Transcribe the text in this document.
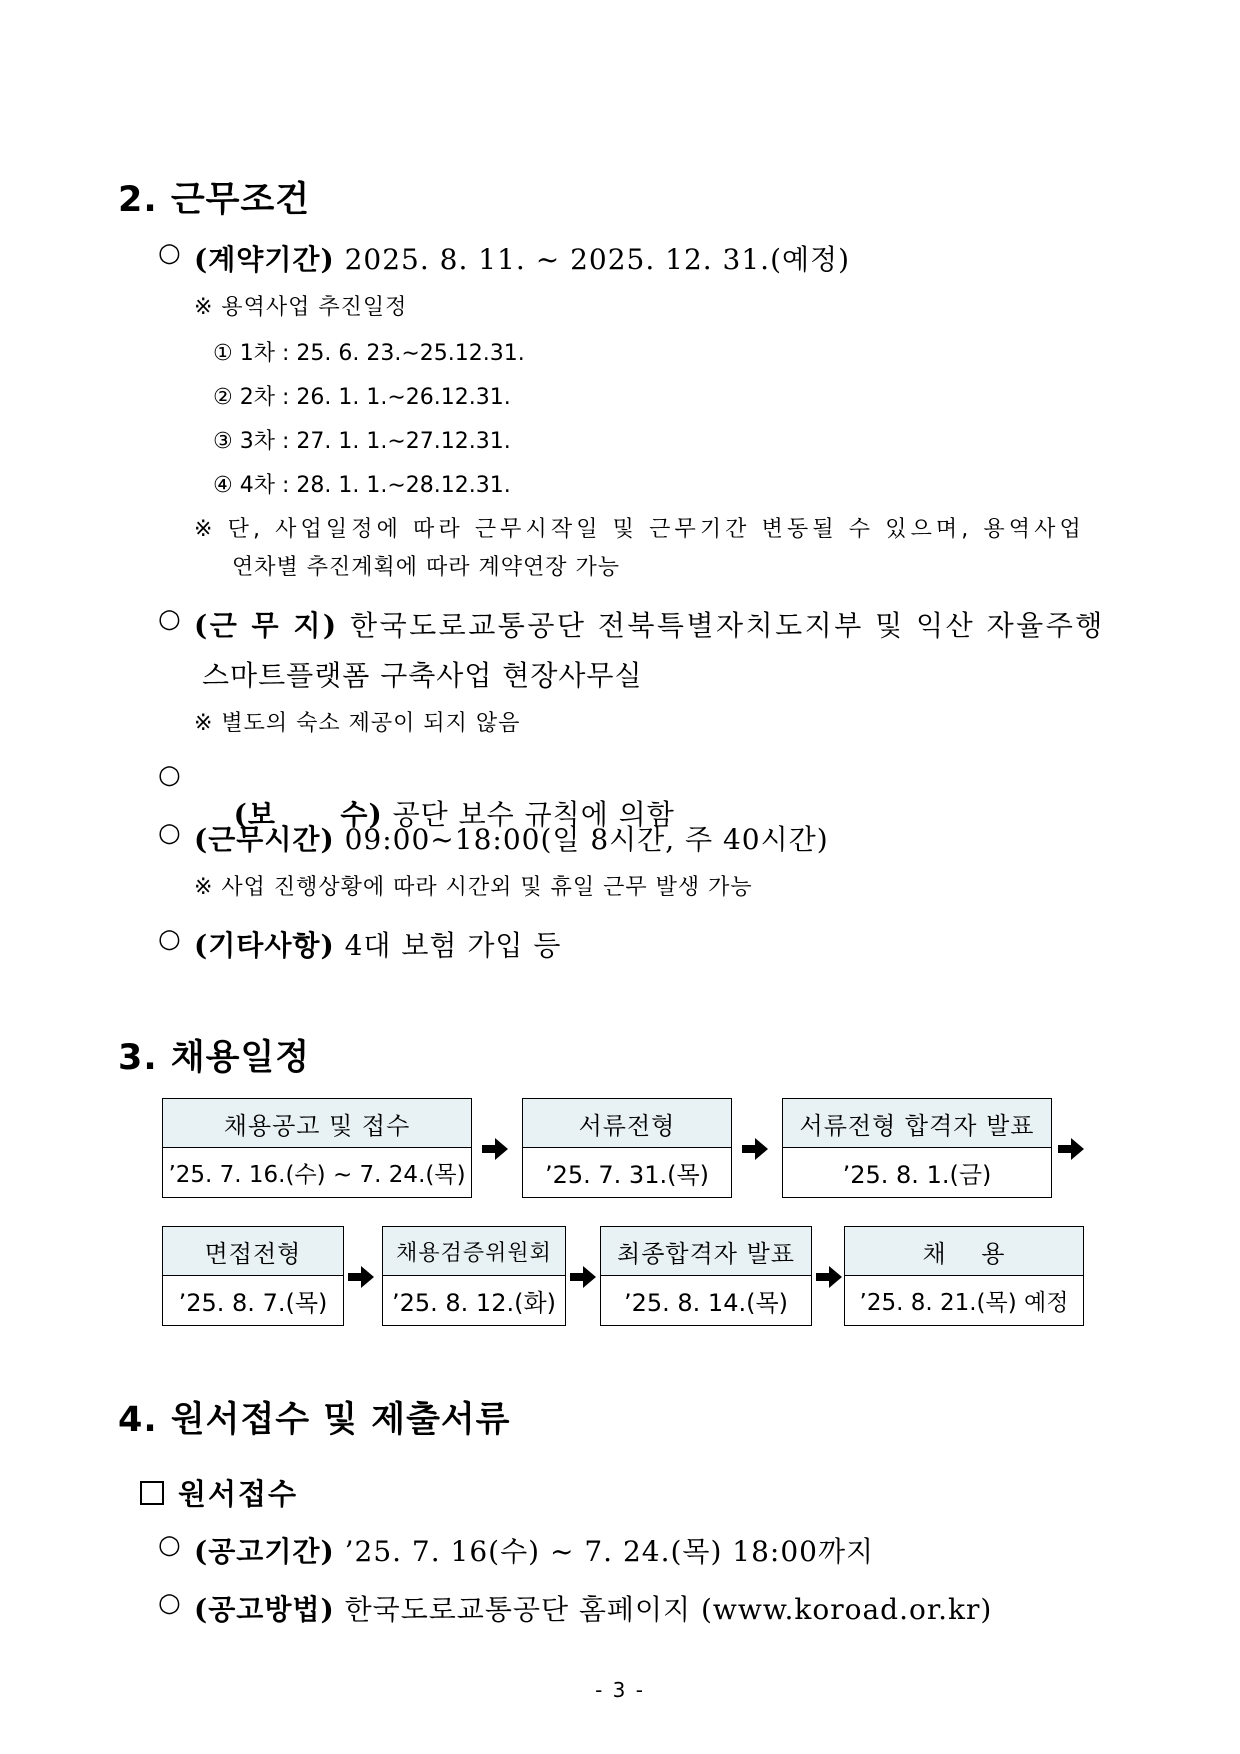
2. 근무조건
○ (계약기간) 2025. 8. 11. ~ 2025. 12. 31.(예정)
※ 용역사업 추진일정
① 1차 : 25. 6. 23.∼25.12.31.
② 2차 : 26. 1. 1.∼26.12.31.
③ 3차 : 27. 1. 1.∼27.12.31.
④ 4차 : 28. 1. 1.∼28.12.31.
※ 단, 사업일정에 따라 근무시작일 및 근무기간 변동될 수 있으며, 용역사업
연차별 추진계획에 따라 계약연장 가능
○ (근 무 지) 한국도로교통공단 전북특별자치도지부 및 익산 자율주행
스마트플랫폼 구축사업 현장사무실
※ 별도의 숙소 제공이 되지 않음
○

(보      수) 공단 보수 규칙에 의함

○ (근무시간) 09:00~18:00(일 8시간, 주 40시간)
※ 사업 진행상황에 따라 시간외 및 휴일 근무 발생 가능
○ (기타사항) 4대 보험 가입 등
3. 채용일정
채용공고 및 접수
’25. 7. 16.(수) ∼ 7. 24.(목)
서류전형
’25. 7. 31.(목)
서류전형 합격자 발표
’25. 8. 1.(금)
면접전형
’25. 8. 7.(목)
채용검증위원회
’25. 8. 12.(화)
최종합격자 발표
’25. 8. 14.(목)
채    용
’25. 8. 21.(목) 예정
4. 원서접수 및 제출서류
원서접수
○ (공고기간) ’25. 7. 16(수) ~ 7. 24.(목) 18:00까지
○ (공고방법) 한국도로교통공단 홈페이지 (www.koroad.or.kr)
- 3 -
